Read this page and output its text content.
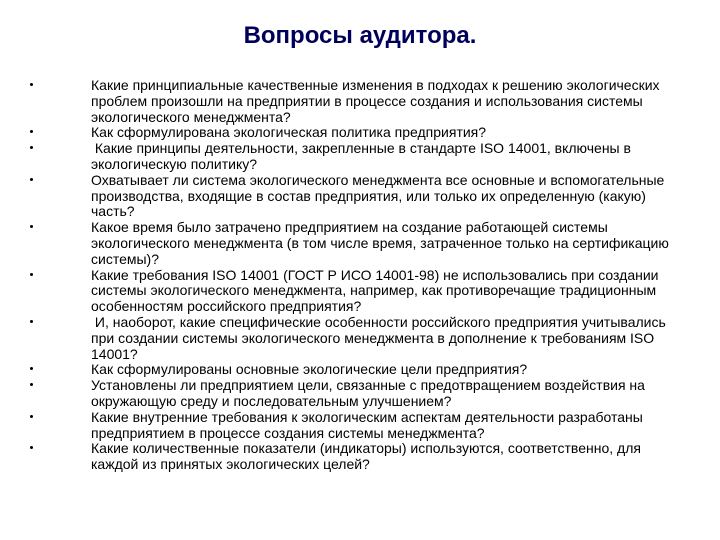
Вопросы аудитора.
Какие принципиальные качественные изменения в подходах к решению экологических проблем произошли на предприятии в процессе создания и использования системы экологического менеджмента?
Как сформулирована экологическая политика предприятия?
Какие принципы деятельности, закрепленные в стандарте ISO 14001, включены в экологическую политику?
Охватывает ли система экологического менеджмента все основные и вспомогательные производства, входящие в состав предприятия, или только их определенную (какую) часть?
Какое время было затрачено предприятием на создание работающей системы экологического менеджмента (в том числе время, затраченное только на сертификацию системы)?
Какие требования ISO 14001 (ГОСТ Р ИСО 14001-98) не использовались при создании системы экологического менеджмента, например, как противоречащие традиционным особенностям российского предприятия?
И, наоборот, какие специфические особенности российского предприятия учитывались при создании системы экологического менеджмента в дополнение к требованиям ISO 14001?
Как сформулированы основные экологические цели предприятия?
Установлены ли предприятием цели, связанные с предотвращением воздействия на окружающую среду и последовательным улучшением?
Какие внутренние требования к экологическим аспектам деятельности разработаны предприятием в процессе создания системы менеджмента?
Какие количественные показатели (индикаторы) используются, соответственно, для каждой из принятых экологических целей?
